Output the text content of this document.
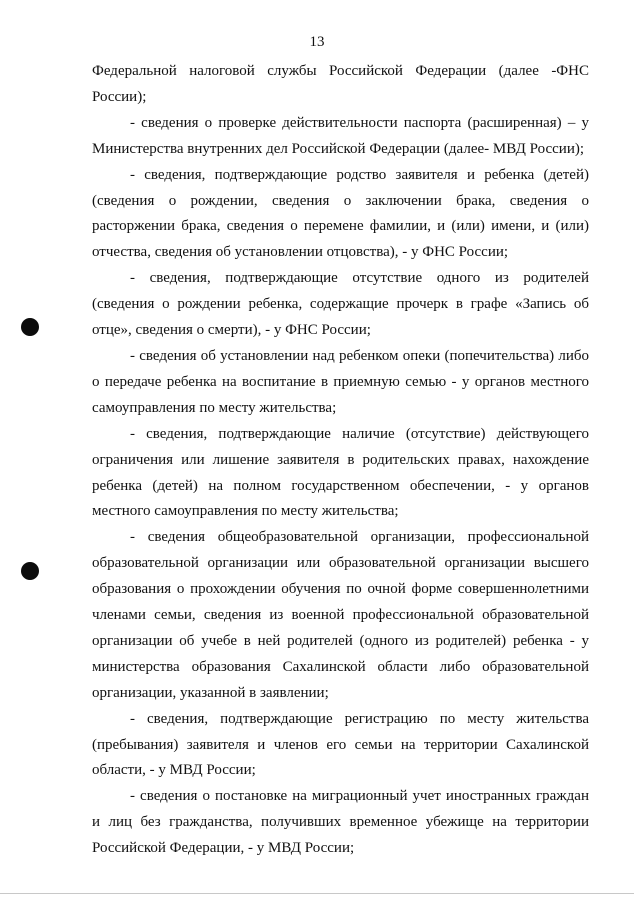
13

Федеральной налоговой службы Российской Федерации (далее -ФНС России);

- сведения о проверке действительности паспорта (расширенная) – у Министерства внутренних дел Российской Федерации (далее- МВД России);

- сведения, подтверждающие родство заявителя и ребенка (детей) (сведения о рождении, сведения о заключении брака, сведения о расторжении брака, сведения о перемене фамилии, и (или) имени, и (или) отчества, сведения об установлении отцовства), - у ФНС России;

- сведения, подтверждающие отсутствие одного из родителей (сведения о рождении ребенка, содержащие прочерк в графе «Запись об отце», сведения о смерти), - у ФНС России;

- сведения об установлении над ребенком опеки (попечительства) либо о передаче ребенка на воспитание в приемную семью - у органов местного самоуправления по месту жительства;

- сведения, подтверждающие наличие (отсутствие) действующего ограничения или лишение заявителя в родительских правах, нахождение ребенка (детей) на полном государственном обеспечении, - у органов местного самоуправления по месту жительства;

- сведения общеобразовательной организации, профессиональной образовательной организации или образовательной организации высшего образования о прохождении обучения по очной форме совершеннолетними членами семьи, сведения из военной профессиональной образовательной организации об учебе в ней родителей (одного из родителей) ребенка - у министерства образования Сахалинской области либо образовательной организации, указанной в заявлении;

- сведения, подтверждающие регистрацию по месту жительства (пребывания) заявителя и членов его семьи на территории Сахалинской области, - у МВД России;

- сведения о постановке на миграционный учет иностранных граждан и лиц без гражданства, получивших временное убежище на территории Российской Федерации, - у МВД России;
